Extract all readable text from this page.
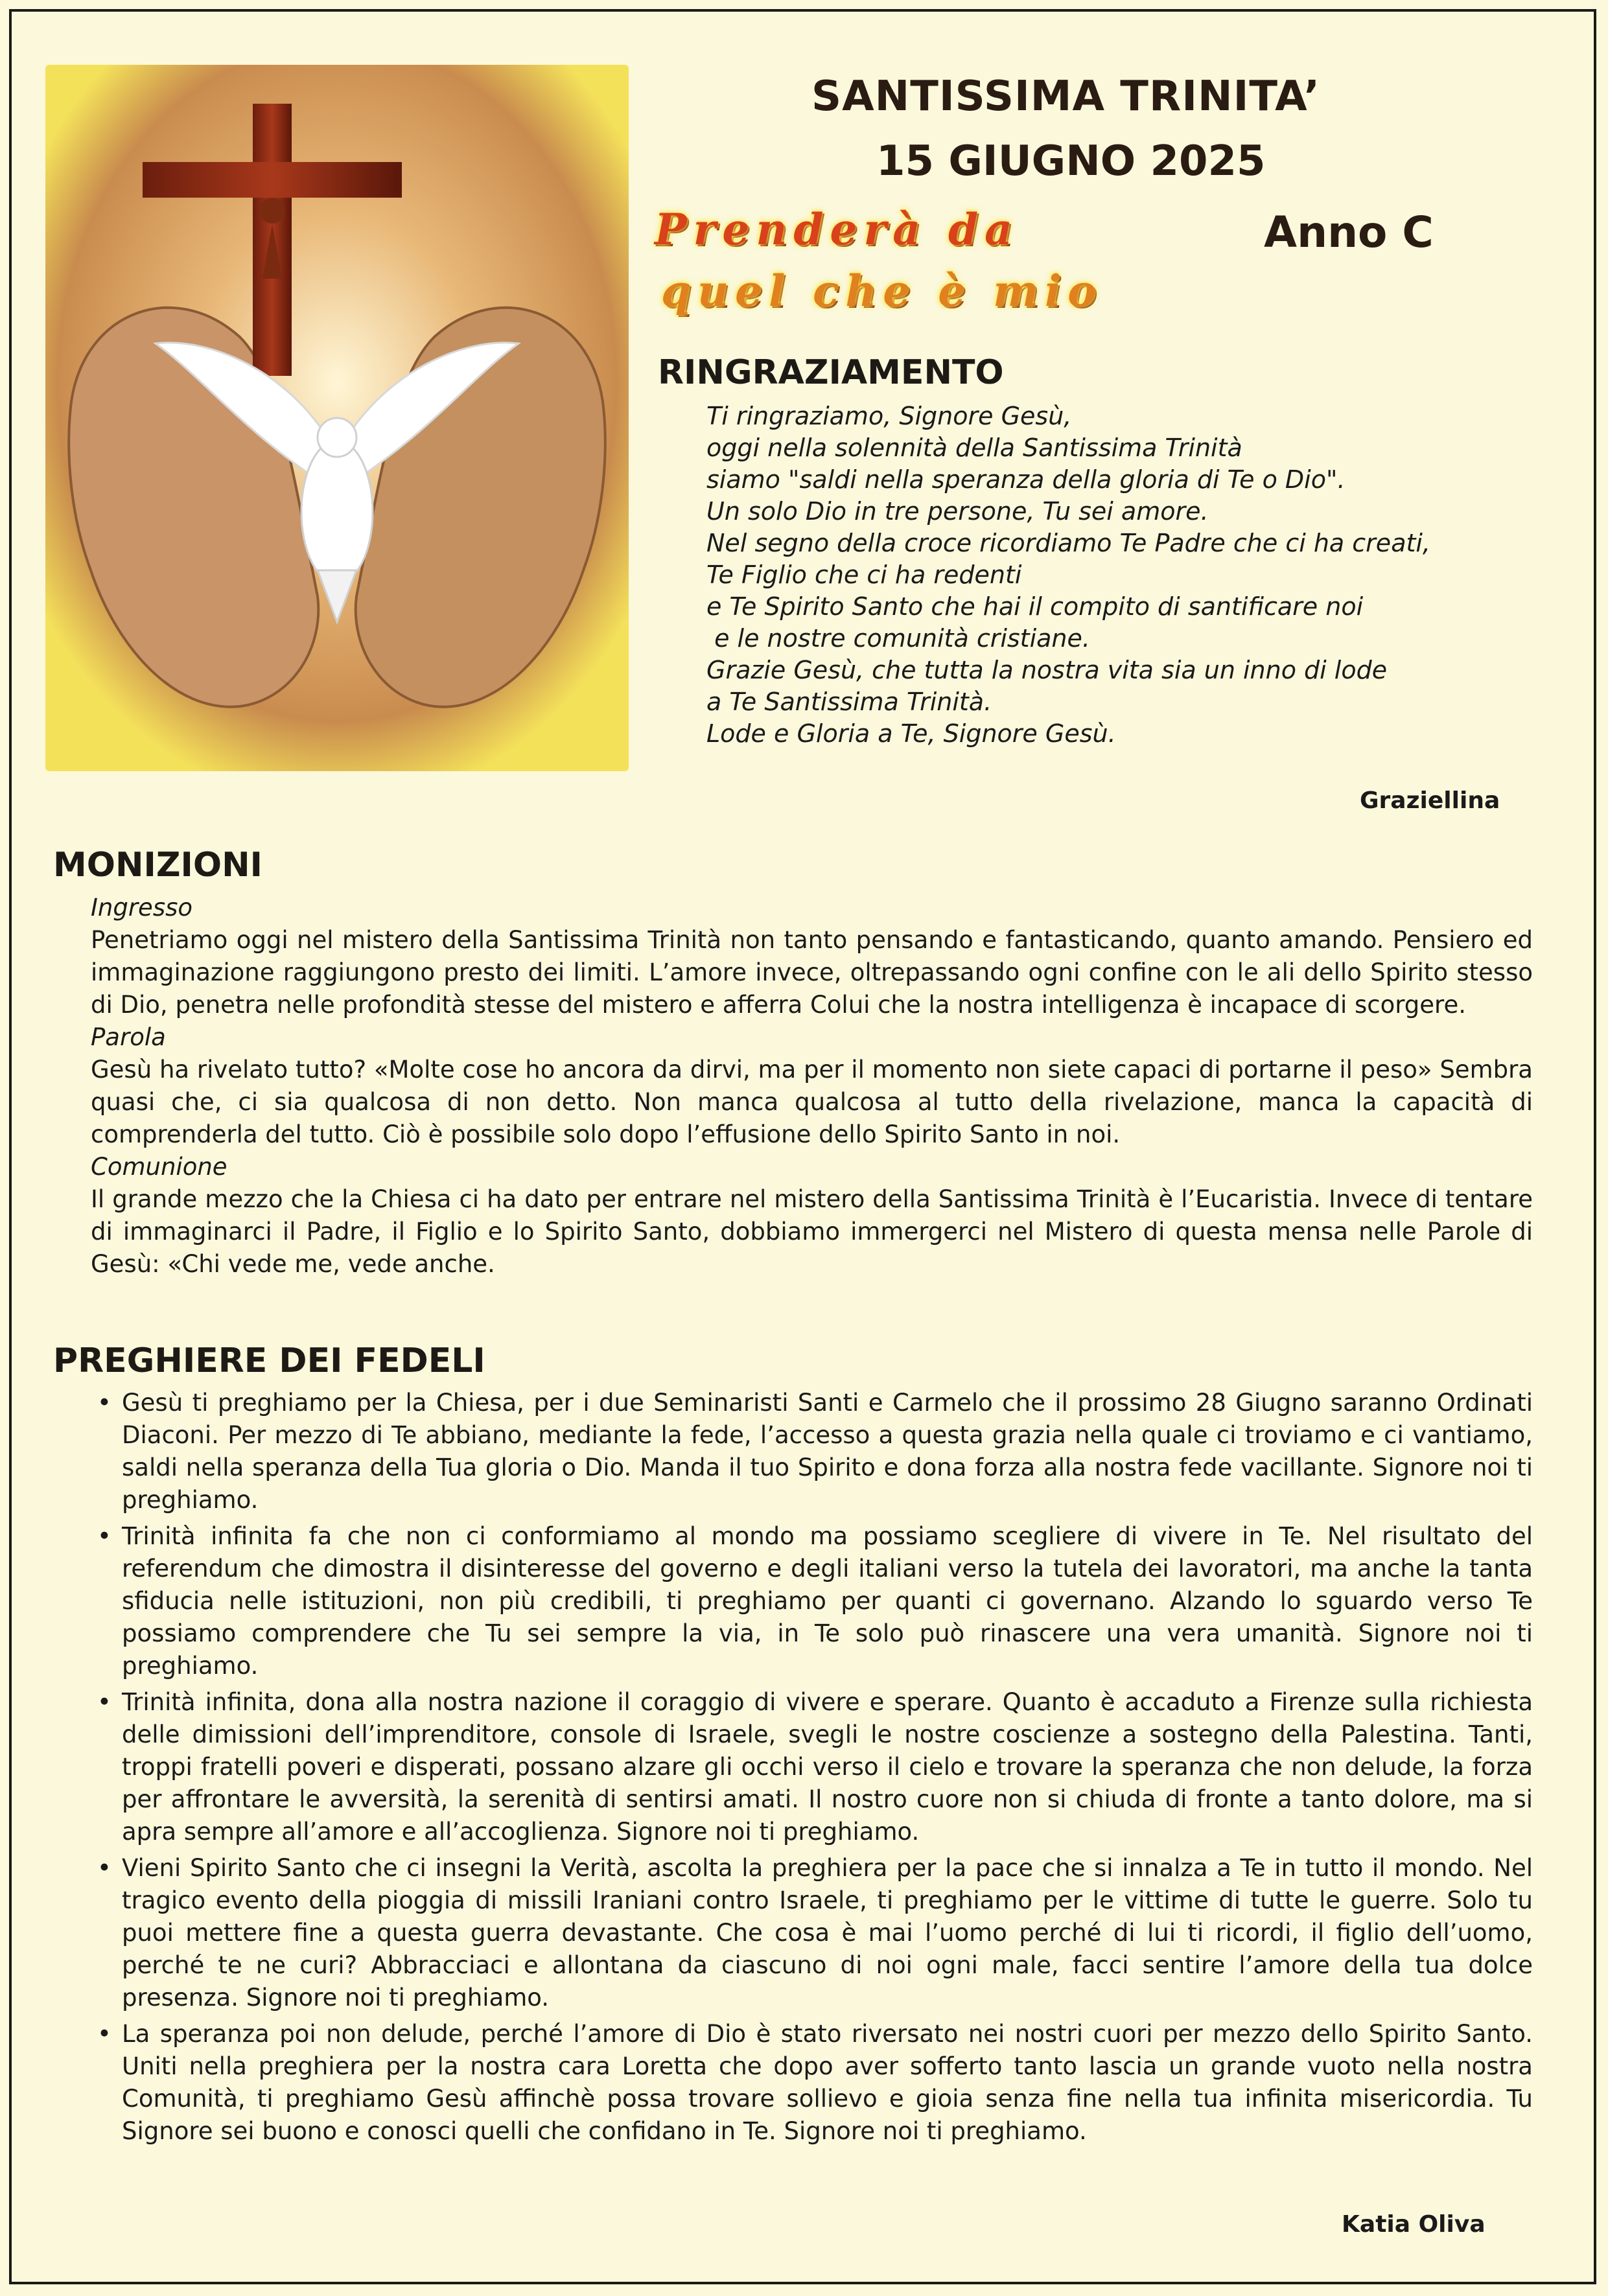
SANTISSIMA TRINITA’
15 GIUGNO 2025
Anno C
Prenderà da
quel che è mio
RINGRAZIAMENTO
Ti ringraziamo, Signore Gesù,
oggi nella solennità della Santissima Trinità
siamo "saldi nella speranza della gloria di Te o Dio".
Un solo Dio in tre persone, Tu sei amore.
Nel segno della croce ricordiamo Te Padre che ci ha creati,
Te Figlio che ci ha redenti
e Te Spirito Santo che hai il compito di santificare noi
e le nostre comunità cristiane.
Grazie Gesù, che tutta la nostra vita sia un inno di lode
a Te Santissima Trinità.
Lode e Gloria a Te, Signore Gesù.
Graziellina
MONIZIONI
Ingresso
Penetriamo oggi nel mistero della Santissima Trinità non tanto pensando e fantasticando, quanto amando. Pensiero ed immaginazione raggiungono presto dei limiti. L’amore invece, oltrepassando ogni confine con le ali dello Spirito stesso di Dio, penetra nelle profondità stesse del mistero e afferra Colui che la nostra intelligenza è incapace di scorgere.
Parola
Gesù ha rivelato tutto? «Molte cose ho ancora da dirvi, ma per il momento non siete capaci di portarne il peso» Sembra quasi che, ci sia qualcosa di non detto. Non manca qualcosa al tutto della rivelazione, manca la capacità di comprenderla del tutto. Ciò è possibile solo dopo l’effusione dello Spirito Santo in noi.
Comunione
Il grande mezzo che la Chiesa ci ha dato per entrare nel mistero della Santissima Trinità è l’Eucaristia. Invece di tentare di immaginarci il Padre, il Figlio e lo Spirito Santo, dobbiamo immergerci nel Mistero di questa mensa nelle Parole di Gesù: «Chi vede me, vede anche.
PREGHIERE DEI FEDELI
• Gesù ti preghiamo per la Chiesa, per i due Seminaristi Santi e Carmelo che il prossimo 28 Giugno saranno Ordinati Diaconi. Per mezzo di Te abbiano, mediante la fede, l’accesso a questa grazia nella quale ci troviamo e ci vantiamo, saldi nella speranza della Tua gloria o Dio. Manda il tuo Spirito e dona forza alla nostra fede vacillante. Signore noi ti preghiamo.
• Trinità infinita fa che non ci conformiamo al mondo ma possiamo scegliere di vivere in Te. Nel risultato del referendum che dimostra il disinteresse del governo e degli italiani verso la tutela dei lavoratori, ma anche la tanta sfiducia nelle istituzioni, non più credibili, ti preghiamo per quanti ci governano. Alzando lo sguardo verso Te possiamo comprendere che Tu sei sempre la via, in Te solo può rinascere una vera umanità. Signore noi ti preghiamo.
• Trinità infinita, dona alla nostra nazione il coraggio di vivere e sperare. Quanto è accaduto a Firenze sulla richiesta delle dimissioni dell’imprenditore, console di Israele, svegli le nostre coscienze a sostegno della Palestina. Tanti, troppi fratelli poveri e disperati, possano alzare gli occhi verso il cielo e trovare la speranza che non delude, la forza per affrontare le avversità, la serenità di sentirsi amati. Il nostro cuore non si chiuda di fronte a tanto dolore, ma si apra sempre all’amore e all’accoglienza. Signore noi ti preghiamo.
• Vieni Spirito Santo che ci insegni la Verità, ascolta la preghiera per la pace che si innalza a Te in tutto il mondo. Nel tragico evento della pioggia di missili Iraniani contro Israele, ti preghiamo per le vittime di tutte le guerre. Solo tu puoi mettere fine a questa guerra devastante. Che cosa è mai l’uomo perché di lui ti ricordi, il figlio dell’uomo, perché te ne curi? Abbracciaci e allontana da ciascuno di noi ogni male, facci sentire l’amore della tua dolce presenza. Signore noi ti preghiamo.
• La speranza poi non delude, perché l’amore di Dio è stato riversato nei nostri cuori per mezzo dello Spirito Santo. Uniti nella preghiera per la nostra cara Loretta che dopo aver sofferto tanto lascia un grande vuoto nella nostra Comunità, ti preghiamo Gesù affinchè possa trovare sollievo e gioia senza fine nella tua infinita misericordia. Tu Signore sei buono e conosci quelli che confidano in Te. Signore noi ti preghiamo.
Katia Oliva
